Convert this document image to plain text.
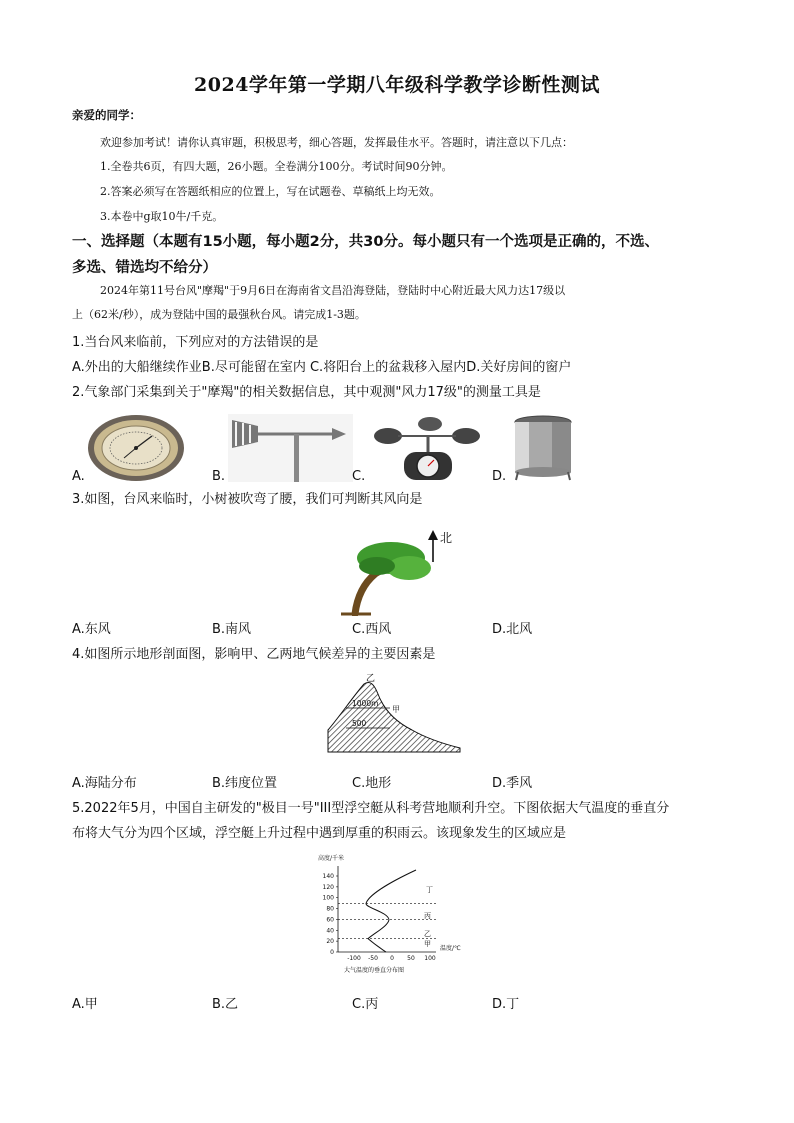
2024学年第一学期八年级科学教学诊断性测试
亲爱的同学：
欢迎参加考试！请你认真审题，积极思考，细心答题，发挥最佳水平。答题时，请注意以下几点：
1.全卷共6页，有四大题，26小题。全卷满分100分。考试时间90分钟。
2.答案必须写在答题纸相应的位置上，写在试题卷、草稿纸上均无效。
3.本卷中g取10牛/千克。
一、选择题（本题有15小题，每小题2分，共30分。每小题只有一个选项是正确的，不选、
多选、错选均不给分）
2024年第11号台风"摩羯"于9月6日在海南省文昌沿海登陆，登陆时中心附近最大风力达17级以
上（62米/秒），成为登陆中国的最强秋台风。请完成1-3题。
1.当台风来临前，下列应对的方法错误的是
A.外出的大船继续作业B.尽可能留在室内 C.将阳台上的盆栽移入屋内D.关好房间的窗户
2.气象部门采集到关于"摩羯"的相关数据信息，其中观测"风力17级"的测量工具是
A.	B.	C.	D.
3.如图，台风来临时，小树被吹弯了腰，我们可判断其风向是
北
A.东风	B.南风	C.西风	D.北风
4.如图所示地形剖面图，影响甲、乙两地气候差异的主要因素是
乙
1000m
500
甲
A.海陆分布	B.纬度位置	C.地形	D.季风
5.2022年5月，中国自主研发的"极目一号"III型浮空艇从科考营地顺利升空。下图依据大气温度的垂直分
布将大气分为四个区域，浮空艇上升过程中遇到厚重的积雨云。该现象发生的区域应是
高度/千米
140
120
100
80
60
40
20
0
-100 -50 0 50 100
丁
丙
乙
甲
温度/℃
大气温度的垂直分布图
A.甲	B.乙	C.丙	D.丁
